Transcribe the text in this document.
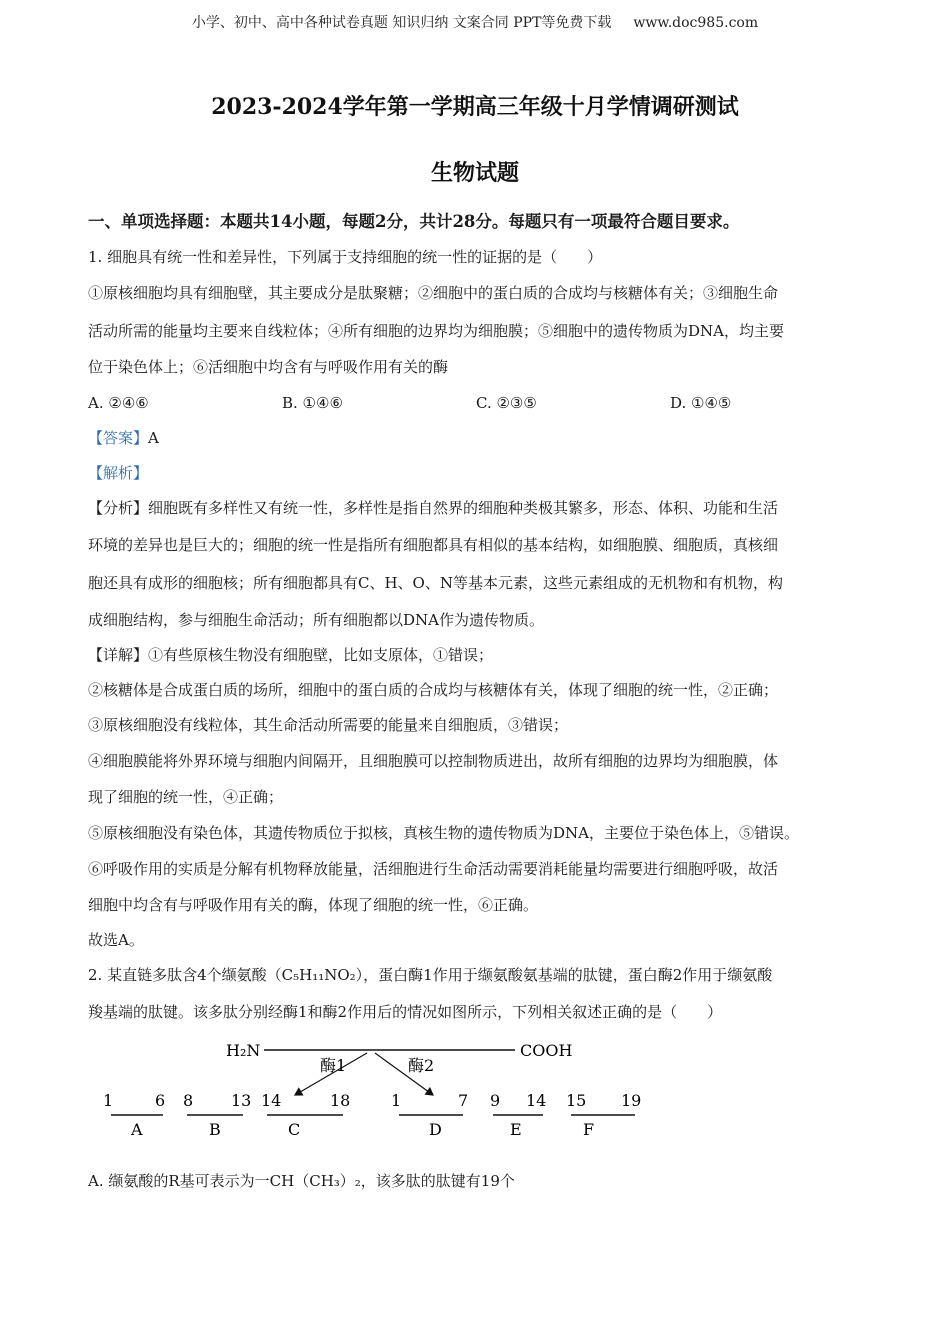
小学、初中、高中各种试卷真题 知识归纳 文案合同 PPT等免费下载 www.doc985.com
2023-2024学年第一学期高三年级十月学情调研测试
生物试题
一、单项选择题：本题共14小题，每题2分，共计28分。每题只有一项最符合题目要求。
1. 细胞具有统一性和差异性，下列属于支持细胞的统一性的证据的是（　　）
①原核细胞均具有细胞壁，其主要成分是肽聚糖；②细胞中的蛋白质的合成均与核糖体有关；③细胞生命
活动所需的能量均主要来自线粒体；④所有细胞的边界均为细胞膜；⑤细胞中的遗传物质为DNA，均主要
位于染色体上；⑥活细胞中均含有与呼吸作用有关的酶
A. ②④⑥	B. ①④⑥	C. ②③⑤	D. ①④⑤
【答案】A
【解析】
【分析】细胞既有多样性又有统一性，多样性是指自然界的细胞种类极其繁多，形态、体积、功能和生活
环境的差异也是巨大的；细胞的统一性是指所有细胞都具有相似的基本结构，如细胞膜、细胞质，真核细
胞还具有成形的细胞核；所有细胞都具有C、H、O、N等基本元素，这些元素组成的无机物和有机物，构
成细胞结构，参与细胞生命活动；所有细胞都以DNA作为遗传物质。
【详解】①有些原核生物没有细胞壁，比如支原体，①错误；
②核糖体是合成蛋白质的场所，细胞中的蛋白质的合成均与核糖体有关，体现了细胞的统一性，②正确；
③原核细胞没有线粒体，其生命活动所需要的能量来自细胞质，③错误；
④细胞膜能将外界环境与细胞内间隔开，且细胞膜可以控制物质进出，故所有细胞的边界均为细胞膜，体
现了细胞的统一性，④正确；
⑤原核细胞没有染色体，其遗传物质位于拟核，真核生物的遗传物质为DNA，主要位于染色体上，⑤错误。
⑥呼吸作用的实质是分解有机物释放能量，活细胞进行生命活动需要消耗能量均需要进行细胞呼吸，故活
细胞中均含有与呼吸作用有关的酶，体现了细胞的统一性，⑥正确。
故选A。
2. 某直链多肽含4个缬氨酸（C₅H₁₁NO₂），蛋白酶1作用于缬氨酸氨基端的肽键，蛋白酶2作用于缬氨酸
羧基端的肽键。该多肽分别经酶1和酶2作用后的情况如图所示，下列相关叙述正确的是（　　）
H₂N	COOH
酶1	酶2
1	6
A
8 13
B
14	18
C
1	7
D
9 14
E
15 19
F
A. 缬氨酸的R基可表示为一CH（CH₃）₂，该多肽的肽键有19个
